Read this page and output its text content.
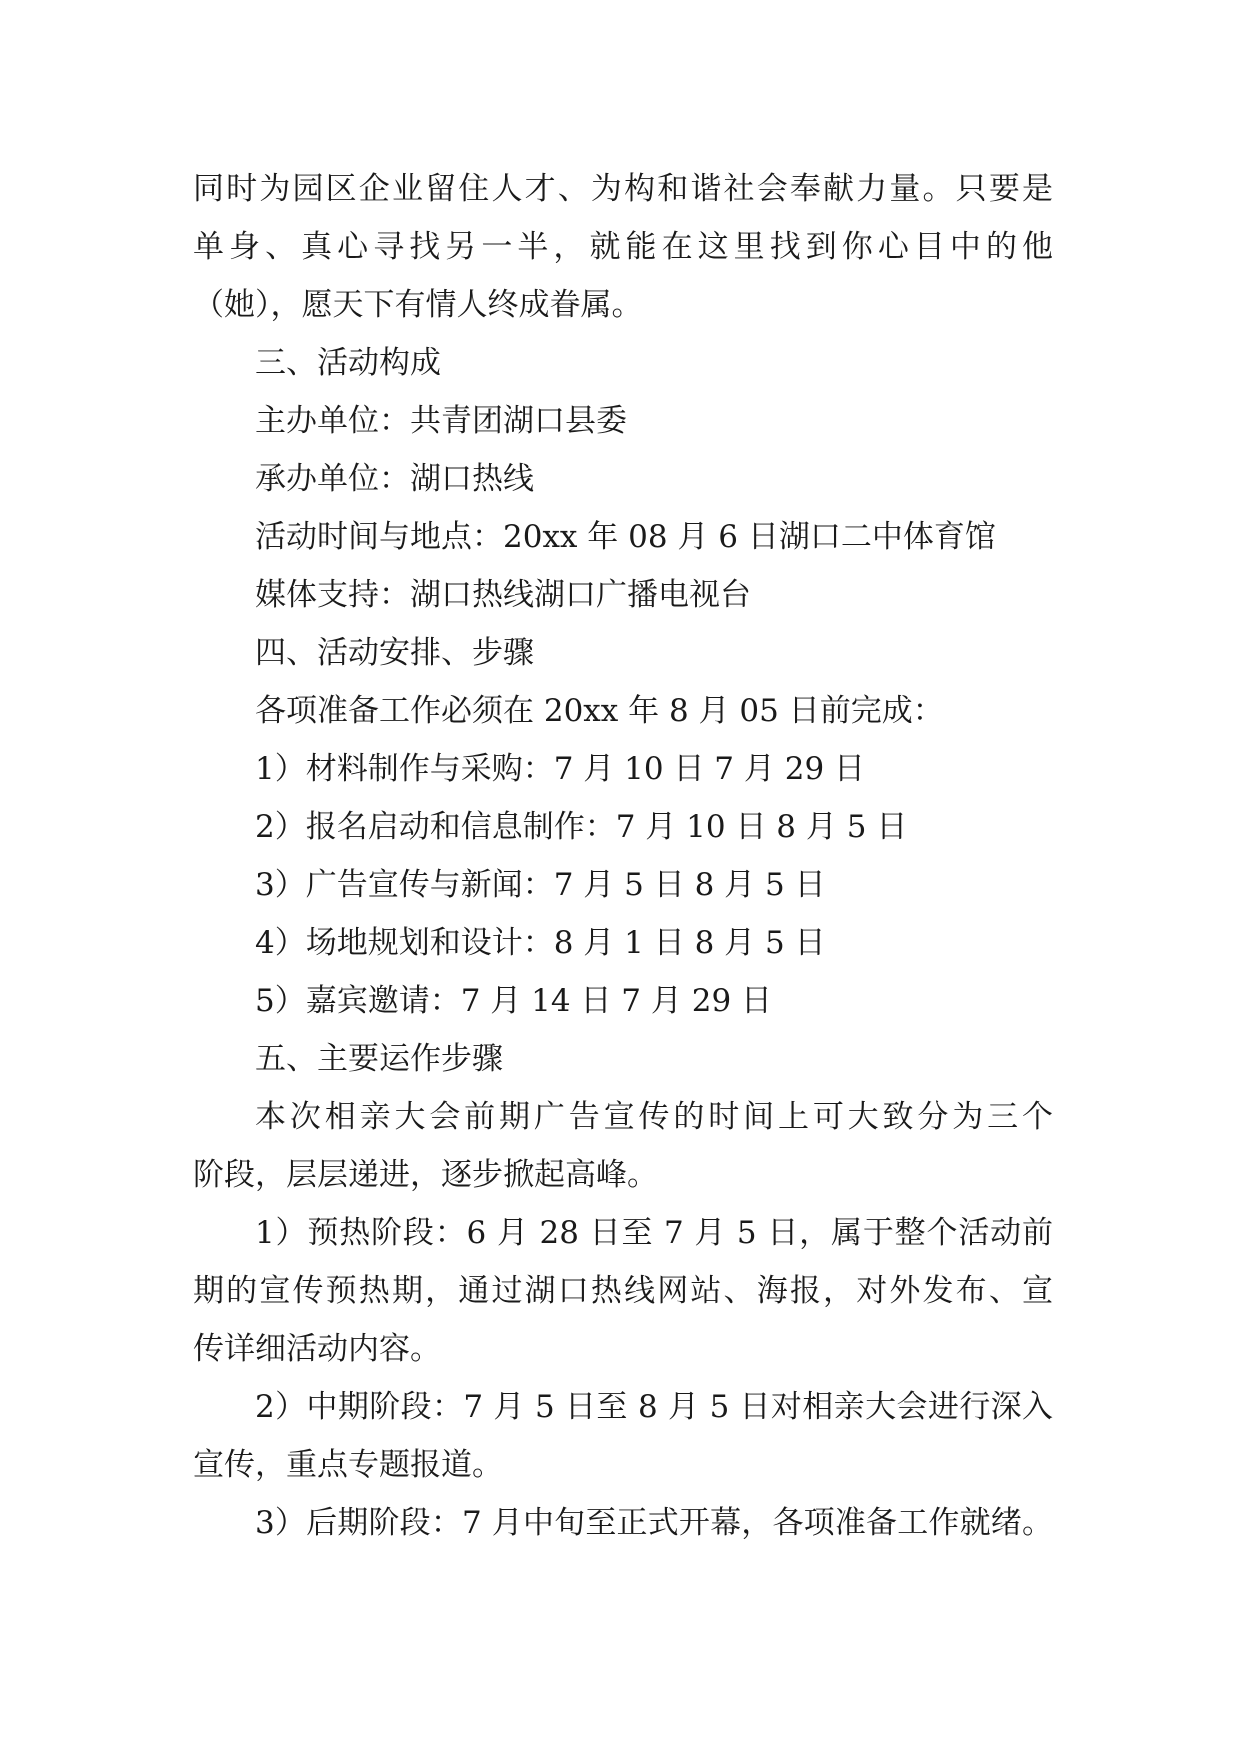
同时为园区企业留住人才、为构和谐社会奉献力量。只要是
单身、真心寻找另一半，就能在这里找到你心目中的他
（她），愿天下有情人终成眷属。
三、活动构成
主办单位：共青团湖口县委
承办单位：湖口热线
活动时间与地点：20xx 年 08 月 6 日湖口二中体育馆
媒体支持：湖口热线湖口广播电视台
四、活动安排、步骤
各项准备工作必须在 20xx 年 8 月 05 日前完成：
1）材料制作与采购：7 月 10 日 7 月 29 日
2）报名启动和信息制作：7 月 10 日 8 月 5 日
3）广告宣传与新闻：7 月 5 日 8 月 5 日
4）场地规划和设计：8 月 1 日 8 月 5 日
5）嘉宾邀请：7 月 14 日 7 月 29 日
五、主要运作步骤
本次相亲大会前期广告宣传的时间上可大致分为三个
阶段，层层递进，逐步掀起高峰。
1）预热阶段：6 月 28 日至 7 月 5 日，属于整个活动前
期的宣传预热期，通过湖口热线网站、海报，对外发布、宣
传详细活动内容。
2）中期阶段：7 月 5 日至 8 月 5 日对相亲大会进行深入
宣传，重点专题报道。
3）后期阶段：7 月中旬至正式开幕，各项准备工作就绪。
